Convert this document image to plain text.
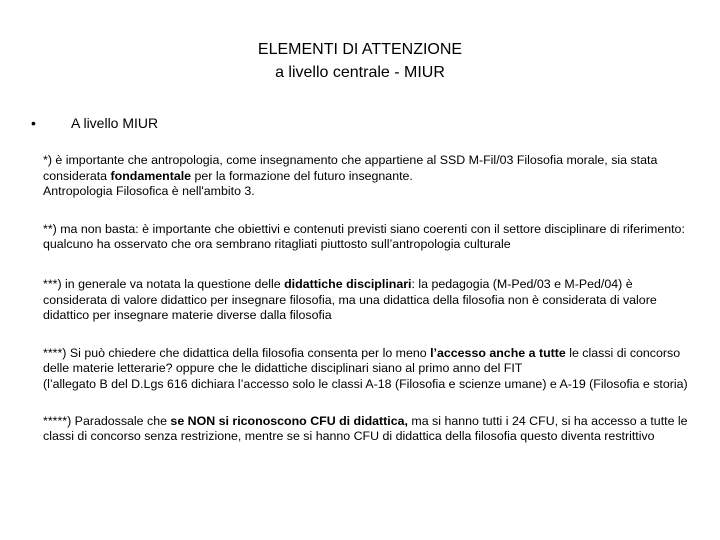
ELEMENTI DI ATTENZIONE
a livello centrale - MIUR
•	A livello MIUR

*) è importante che antropologia, come insegnamento che appartiene al SSD M-Fil/03 Filosofia morale, sia stata considerata fondamentale per la formazione del futuro insegnante.
Antropologia Filosofica è nell'ambito 3.

**) ma non basta: è importante che obiettivi e contenuti previsti siano coerenti con il settore disciplinare di riferimento: qualcuno ha osservato che ora sembrano ritagliati piuttosto sull’antropologia culturale

***) in generale va notata la questione delle didattiche disciplinari: la pedagogia (M-Ped/03 e M-Ped/04) è considerata di valore didattico per insegnare filosofia, ma una didattica della filosofia non è considerata di valore didattico per insegnare materie diverse dalla filosofia

****) Si può chiedere che didattica della filosofia consenta per lo meno l’accesso anche a tutte le classi di concorso delle materie letterarie? oppure che le didattiche disciplinari siano al primo anno del FIT
(l’allegato B del D.Lgs 616 dichiara l’accesso solo le classi A-18 (Filosofia e scienze umane) e A-19 (Filosofia e storia)

*****) Paradossale che se NON si riconoscono CFU di didattica, ma si hanno tutti i 24 CFU, si ha accesso a tutte le classi di concorso senza restrizione, mentre se si hanno CFU di didattica della filosofia questo diventa restrittivo
